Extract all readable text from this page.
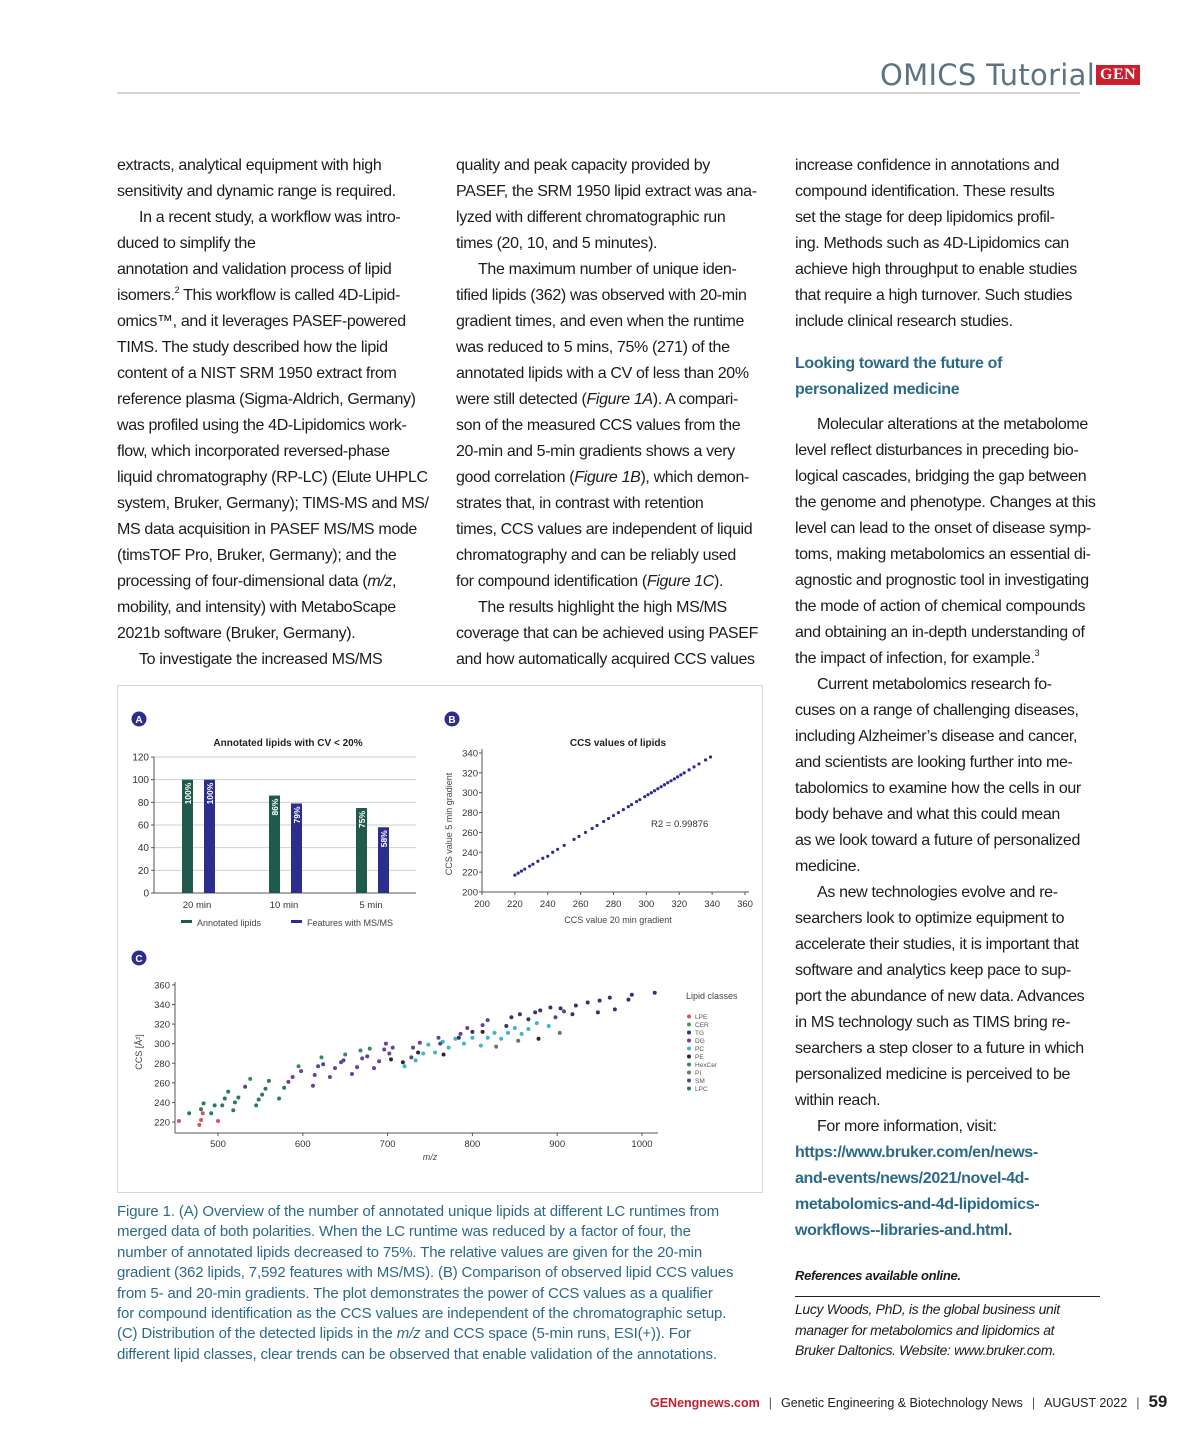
OMICS Tutorial GEN
extracts, analytical equipment with high
sensitivity and dynamic range is required.
In a recent study, a workflow was intro-
duced to simplify the
annotation and validation process of lipid
isomers.$^2$ This workflow is called 4D-Lipid-
omics™, and it leverages PASEF-powered
TIMS. The study described how the lipid
content of a NIST SRM 1950 extract from
reference plasma (Sigma-Aldrich, Germany)
was profiled using the 4D-Lipidomics work-
flow, which incorporated reversed-phase
liquid chromatography (RP-LC) (Elute UHPLC
system, Bruker, Germany); TIMS-MS and MS/
MS data acquisition in PASEF MS/MS mode
(timsTOF Pro, Bruker, Germany); and the
processing of four-dimensional data (m/z,
mobility, and intensity) with MetaboScape
2021b software (Bruker, Germany).
To investigate the increased MS/MS
quality and peak capacity provided by
PASEF, the SRM 1950 lipid extract was ana-
lyzed with different chromatographic run
times (20, 10, and 5 minutes).
The maximum number of unique iden-
tified lipids (362) was observed with 20-min
gradient times, and even when the runtime
was reduced to 5 mins, 75% (271) of the
annotated lipids with a CV of less than 20%
were still detected (Figure 1A). A compari-
son of the measured CCS values from the
20-min and 5-min gradients shows a very
good correlation (Figure 1B), which demon-
strates that, in contrast with retention
times, CCS values are independent of liquid
chromatography and can be reliably used
for compound identification (Figure 1C).
The results highlight the high MS/MS
coverage that can be achieved using PASEF
and how automatically acquired CCS values
increase confidence in annotations and
compound identification. These results
set the stage for deep lipidomics profil-
ing. Methods such as 4D-Lipidomics can
achieve high throughput to enable studies
that require a high turnover. Such studies
include clinical research studies.
Looking toward the future of
personalized medicine
Molecular alterations at the metabolome
level reflect disturbances in preceding bio-
logical cascades, bridging the gap between
the genome and phenotype. Changes at this
level can lead to the onset of disease symp-
toms, making metabolomics an essential di-
agnostic and prognostic tool in investigating
the mode of action of chemical compounds
and obtaining an in-depth understanding of
the impact of infection, for example.$^3$
Current metabolomics research fo-
cuses on a range of challenging diseases,
including Alzheimer’s disease and cancer,
and scientists are looking further into me-
tabolomics to examine how the cells in our
body behave and what this could mean
as we look toward a future of personalized
medicine.
As new technologies evolve and re-
searchers look to optimize equipment to
accelerate their studies, it is important that
software and analytics keep pace to sup-
port the abundance of new data. Advances
in MS technology such as TIMS bring re-
searchers a step closer to a future in which
personalized medicine is perceived to be
within reach.
For more information, visit:
https://www.bruker.com/en/news-
and-events/news/2021/novel-4d-
metabolomics-and-4d-lipidomics-
workflows--libraries-and.html.
References available online.
Lucy Woods, PhD, is the global business unit
manager for metabolomics and lipidomics at
Bruker Daltonics. Website: www.bruker.com.
A
Annotated lipids with CV < 20%
0
20
40
60
80
100
120
100% 100%
20 min
86% 79%
10 min
75%
58%
5 min
Annotated lipids	Features with MS/MS
B
CCS values of lipids
200 220 240 260 280 300 320 340 360
200
220
240
260
280
300
320
340
CCS value 20 min gradient
CCS value 5 min gradient	R2 = 0.99876
C
500	600	700	800	900	1000
220
240
260
280
300
320
340
360
m/z
CCS [Å²]
Lipid classes
LPE
CER
TG
DG
PC
PE
HexCer
PI
SM
LPC
Figure 1. (A) Overview of the number of annotated unique lipids at different LC runtimes from
merged data of both polarities. When the LC runtime was reduced by a factor of four, the
number of annotated lipids decreased to 75%. The relative values are given for the 20-min
gradient (362 lipids, 7,592 features with MS/MS). (B) Comparison of observed lipid CCS values
from 5- and 20-min gradients. The plot demonstrates the power of CCS values as a qualifier
for compound identification as the CCS values are independent of the chromatographic setup.
(C) Distribution of the detected lipids in the m/z and CCS space (5-min runs, ESI(+)). For
different lipid classes, clear trends can be observed that enable validation of the annotations.
GENengnews.com | Genetic Engineering & Biotechnology News | AUGUST 2022 | 59
